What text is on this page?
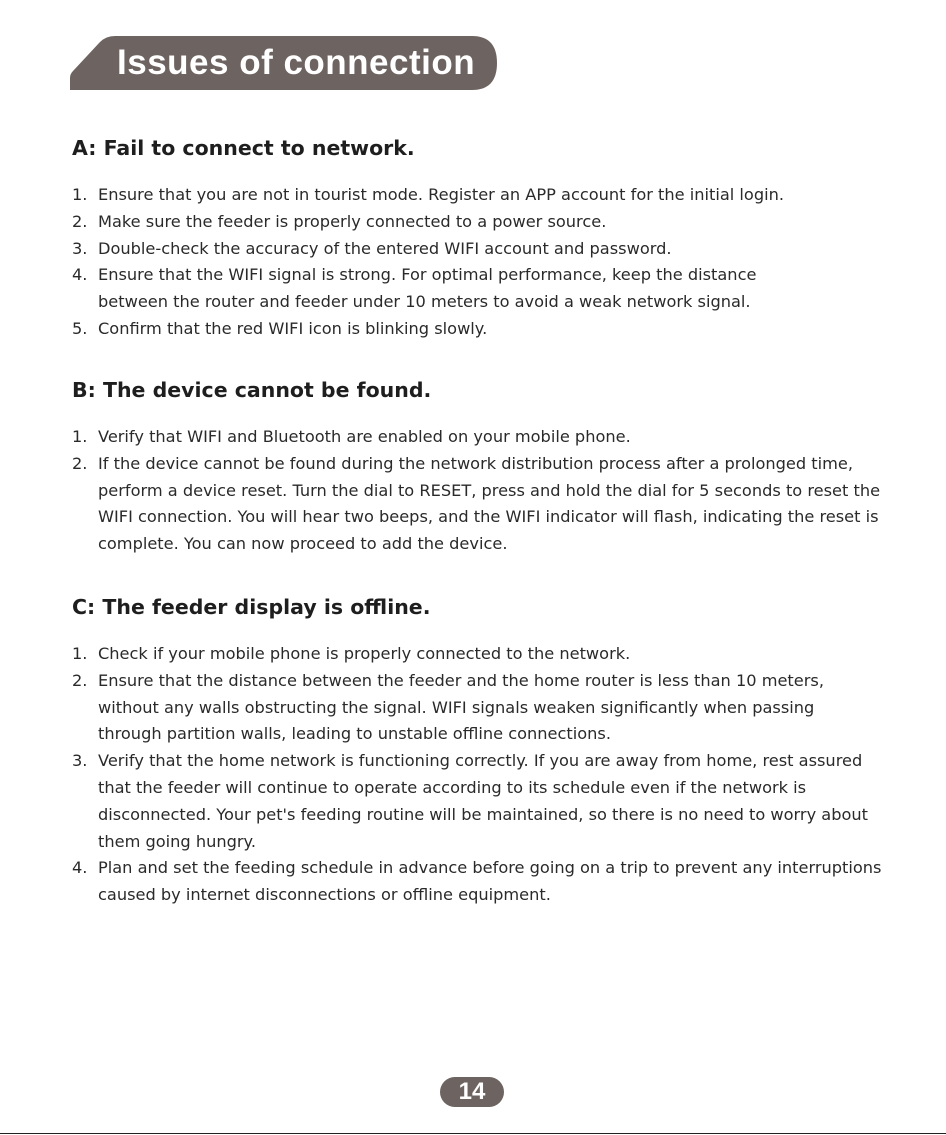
Issues of connection
A: Fail to connect to network.
1. Ensure that you are not in tourist mode. Register an APP account for the initial login.
2. Make sure the feeder is properly connected to a power source.
3. Double-check the accuracy of the entered WIFI account and password.
4. Ensure that the WIFI signal is strong. For optimal performance, keep the distance between the router and feeder under 10 meters to avoid a weak network signal.
5. Confirm that the red WIFI icon is blinking slowly.
B: The device cannot be found.
1. Verify that WIFI and Bluetooth are enabled on your mobile phone.
2. If the device cannot be found during the network distribution process after a prolonged time, perform a device reset. Turn the dial to RESET, press and hold the dial for 5 seconds to reset the WIFI connection. You will hear two beeps, and the WIFI indicator will flash, indicating the reset is complete. You can now proceed to add the device.
C: The feeder display is offline.
1. Check if your mobile phone is properly connected to the network.
2. Ensure that the distance between the feeder and the home router is less than 10 meters, without any walls obstructing the signal. WIFI signals weaken significantly when passing through partition walls, leading to unstable offline connections.
3. Verify that the home network is functioning correctly. If you are away from home, rest assured that the feeder will continue to operate according to its schedule even if the network is disconnected. Your pet's feeding routine will be maintained, so there is no need to worry about them going hungry.
4. Plan and set the feeding schedule in advance before going on a trip to prevent any interruptions caused by internet disconnections or offline equipment.
14
